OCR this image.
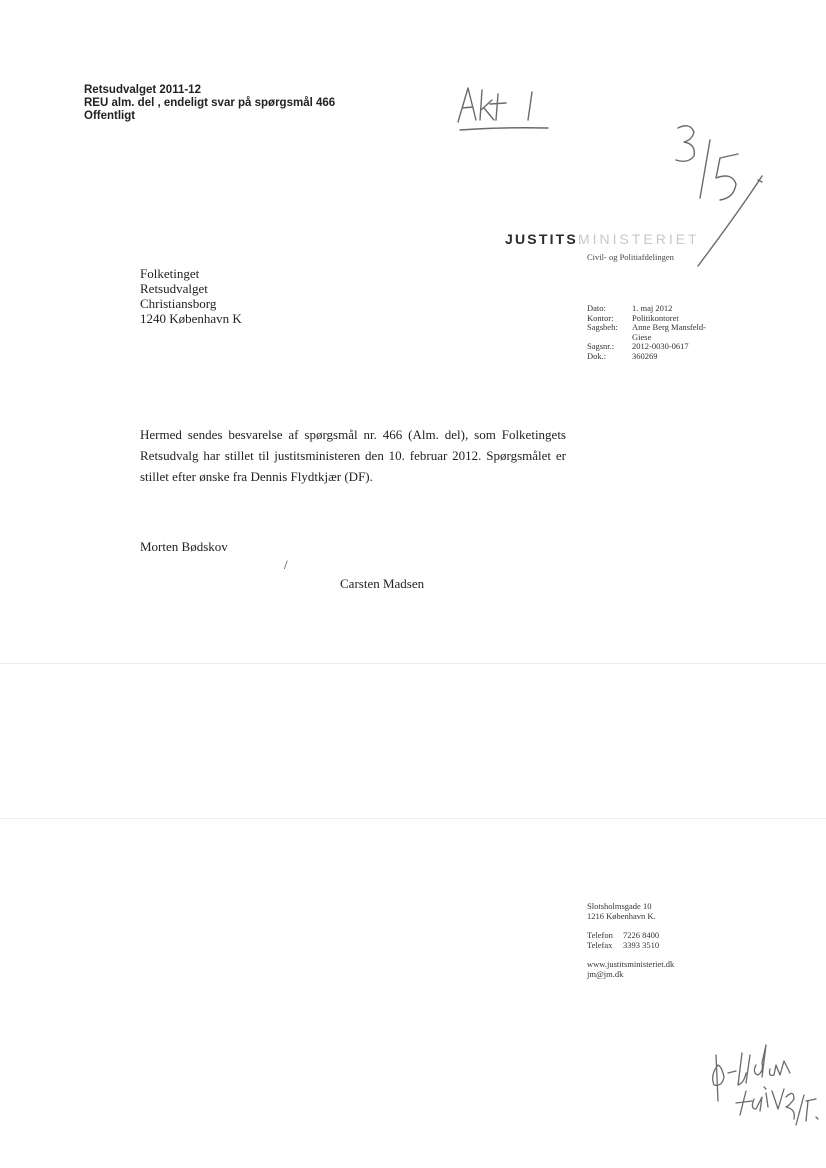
Retsudvalget 2011-12
REU alm. del , endeligt svar på spørgsmål 466
Offentligt
JUSTITSMINISTERIET
Civil- og Politiafdelingen
Folketinget
Retsudvalget
Christiansborg
1240 København K
Dato:	1. maj 2012
Kontor:	Politikontoret
Sagsbeh:	Anne Berg Mansfeld-Giese
Sagsnr.:	2012-0030-0617
Dok.:	360269
Hermed sendes besvarelse af spørgsmål nr. 466 (Alm. del), som Folketingets Retsudvalg har stillet til justitsministeren den 10. februar 2012. Spørgsmålet er stillet efter ønske fra Dennis Flydtkjær (DF).
Morten Bødskov
/
Carsten Madsen
Slotsholmsgade 10
1216 København K.
Telefon	7226 8400
Telefax	3393 3510
www.justitsministeriet.dk
jm@jm.dk
